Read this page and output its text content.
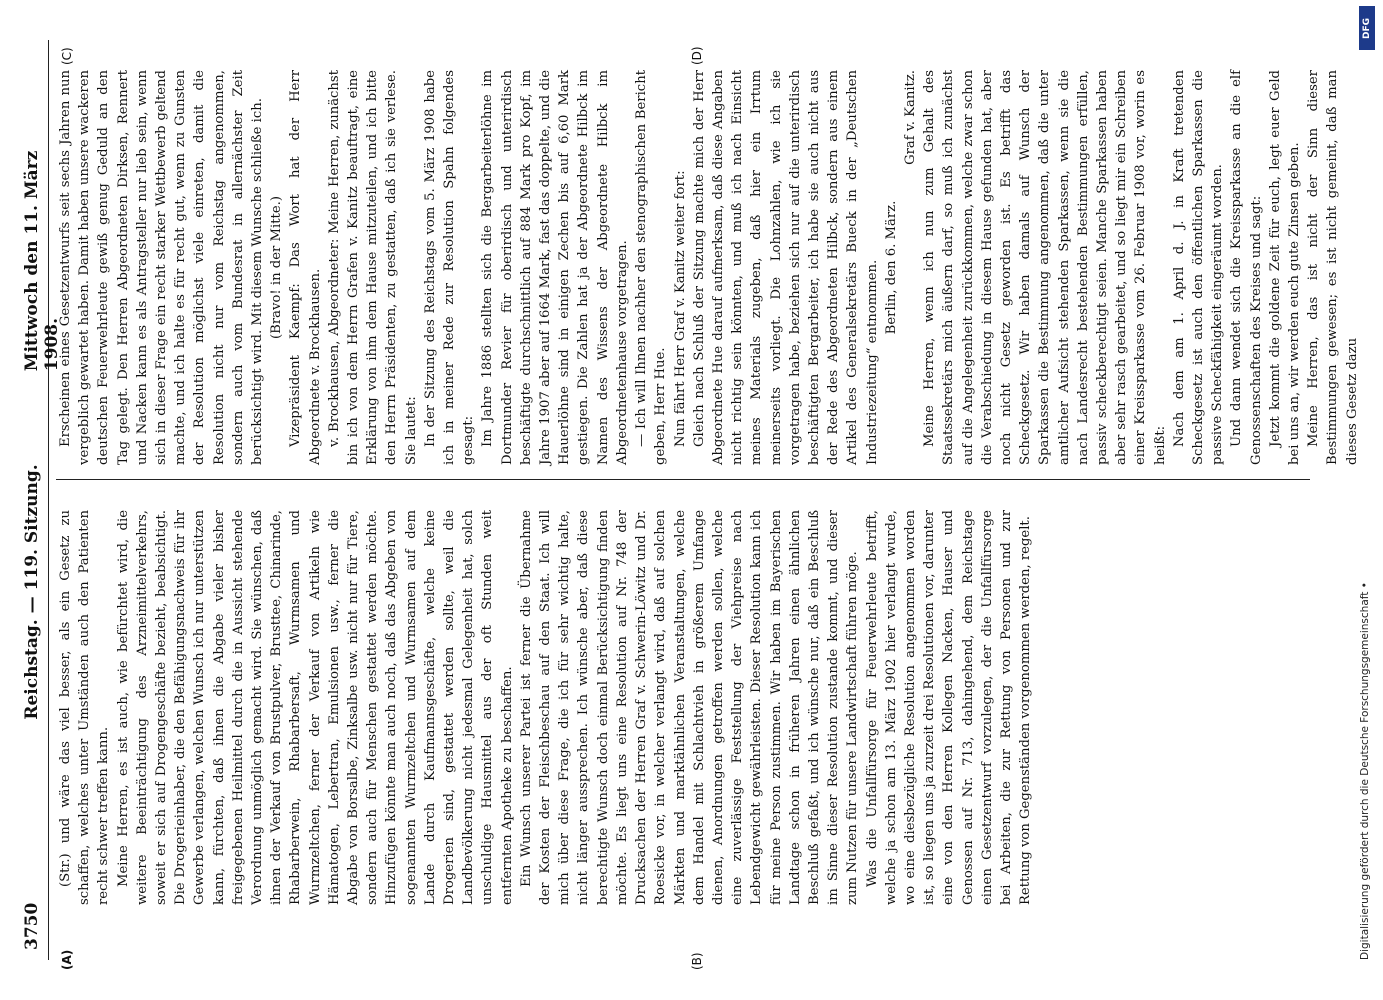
3750
Reichstag. — 119. Sitzung.
Mittwoch den 11. März 1908.
(A)	(B)
(C)	(D)

(Str.) und wäre das viel besser, als ein Gesetz zu schaffen, welches unter Umständen auch den Patienten recht schwer treffen kann. Meine Herren, es ist auch, wie befürchtet wird, die weitere Beeinträchtigung des Arzneimittelverkehrs, soweit er sich auf Drogengeschäfte bezieht, beabsichtigt. Die Drogerieinhaber, die den Befähigungsnachweis für ihr Gewerbe verlangen, welchen Wunsch ich nur unterstützen kann, fürchten, daß ihnen die Abgabe vieler bisher freigegebenen Heilmittel durch die in Aussicht stehende Verordnung unmöglich gemacht wird. Sie wünschen, daß ihnen der Verkauf von Brustpulver, Brusttee, Chinarinde, Rhabarberwein, Rhabarbersaft, Wurmsamen und Wurmzeltchen, ferner der Verkauf von Artikeln wie Hämatogen, Lebertran, Emulsionen usw., ferner die Abgabe von Borsalbe, Zinksalbe usw. nicht nur für Tiere, sondern auch für Menschen gestattet werden möchte. Hinzufügen könnte man auch noch, daß das Abgeben von sogenannten Wurmzeltchen und Wurmsamen auf dem Lande durch Kaufmannsgeschäfte, welche keine Drogerien sind, gestattet werden sollte, weil die Landbevölkerung nicht jedesmal Gelegenheit hat, solch unschuldige Hausmittel aus der oft Stunden weit entfernten Apotheke zu beschaffen. Ein Wunsch unserer Partei ist ferner die Übernahme der Kosten der Fleischbeschau auf den Staat. Ich will mich über diese Frage, die ich für sehr wichtig halte, nicht länger aussprechen. Ich wünsche aber, daß diese berechtigte Wunsch doch einmal Berücksichtigung finden möchte. Es liegt uns eine Resolution auf Nr. 748 der Drucksachen der Herren Graf v. Schwerin-Löwitz und Dr. Roesicke vor, in welcher verlangt wird, daß auf solchen Märkten und marktähnlichen Veranstaltungen, welche dem Handel mit Schlachtvieh in größerem Umfange dienen, Anordnungen getroffen werden sollen, welche eine zuverlässige Feststellung der Viehpreise nach Lebendgewicht gewährleisten. Dieser Resolution kann ich für meine Person zustimmen. Wir haben im Bayerischen Landtage schon in früheren Jahren einen ähnlichen Beschluß gefaßt, und ich wünsche nur, daß ein Beschluß im Sinne dieser Resolution zustande kommt, und dieser zum Nutzen für unsere Landwirtschaft führen möge. Was die Unfallfürsorge für Feuerwehrleute betrifft, welche ja schon am 13. März 1902 hier verlangt wurde, wo eine diesbezügliche Resolution angenommen worden ist, so liegen uns ja zurzeit drei Resolutionen vor, darunter eine von den Herren Kollegen Nacken, Hauser und Genossen auf Nr. 713, dahingehend, dem Reichstage einen Gesetzentwurf vorzulegen, der die Unfallfürsorge bei Arbeiten, die zur Rettung von Personen und zur Rettung von Gegenständen vorgenommen werden, regelt.

Erscheinen eines Gesetzentwurfs seit sechs Jahren nun vergeblich gewartet haben. Damit haben unsere wackeren deutschen Feuerwehrleute gewiß genug Geduld an den Tag gelegt. Den Herren Abgeordneten Dirksen, Rennert und Nacken kann es als Antragsteller nur lieb sein, wenn sich in dieser Frage ein recht starker Wettbewerb geltend machte, und ich halte es für recht gut, wenn zu Gunsten der Resolution möglichst viele einreten, damit die Resolution nicht nur vom Reichstag angenommen, sondern auch vom Bundesrat in allernächster Zeit berücksichtigt wird. Mit diesem Wunsche schließe ich. (Bravo! in der Mitte.) Vizepräsident Kaempf: Das Wort hat der Herr Abgeordnete v. Brockhausen. v. Brockhausen, Abgeordneter: Meine Herren, zunächst bin ich von dem Herrn Grafen v. Kanitz beauftragt, eine Erklärung von ihm dem Hause mitzuteilen, und ich bitte den Herrn Präsidenten, zu gestatten, daß ich sie verlese. Sie lautet: In der Sitzung des Reichstags vom 5. März 1908 habe ich in meiner Rede zur Resolution Spahn folgendes gesagt: Im Jahre 1886 stellten sich die Bergarbeiterlöhne im Dortmunder Revier für oberirdisch und unterirdisch beschäftigte durchschnittlich auf 884 Mark pro Kopf, im Jahre 1907 aber auf 1664 Mark, fast das doppelte, und die Hauerlöhne sind in einigen Zechen bis auf 6,60 Mark gestiegen. Die Zahlen hat ja der Abgeordnete Hilbck im Namen des Wissens der Abgeordnete Hilbck im Abgeordnetenhause vorgetragen. — Ich will Ihnen nachher den stenographischen Bericht geben, Herr Hue. Nun fährt Herr Graf v. Kanitz weiter fort: Gleich nach Schluß der Sitzung machte mich der Herr Abgeordnete Hue darauf aufmerksam, daß diese Angaben nicht richtig sein könnten, und muß ich nach Einsicht meines Materials zugeben, daß hier ein Irrtum meinerseits vorliegt. Die Lohnzahlen, wie ich sie vorgetragen habe, beziehen sich nur auf die unterirdisch beschäftigten Bergarbeiter, ich habe sie auch nicht aus der Rede des Abgeordneten Hilbck, sondern aus einem Artikel des Generalsekretärs Bueck in der „Deutschen Industriezeitung“ entnommen. Berlin, den 6. März.

Graf v. Kanitz. Meine Herren, wenn ich nun zum Gehalt des Staatssekretärs mich äußern darf, so muß ich zunächst auf die Angelegenheit zurückkommen, welche zwar schon die Verabschiedung in diesem Hause gefunden hat, aber noch nicht Gesetz geworden ist. Es betrifft das Scheckgesetz. Wir haben damals auf Wunsch der Sparkassen die Bestimmung angenommen, daß die unter amtlicher Aufsicht stehenden Sparkassen, wenn sie die nach Landesrecht bestehenden Bestimmungen erfüllen, passiv scheckberechtigt seien. Manche Sparkassen haben aber sehr rasch gearbeitet, und so liegt mir ein Schreiben einer Kreissparkasse vom 26. Februar 1908 vor, worin es heißt: Nach dem am 1. April d. J. in Kraft tretenden Scheckgesetz ist auch den öffentlichen Sparkassen die passive Scheckfähigkeit eingeräumt worden. Und dann wendet sich die Kreissparkasse an die elf Genossenschaften des Kreises und sagt: Jetzt kommt die goldene Zeit für euch, legt euer Geld bei uns an, wir werden euch gute Zinsen geben. Meine Herren, das ist nicht der Sinn dieser Bestimmungen gewesen; es ist nicht gemeint, daß man dieses Gesetz dazu

DFG
Digitalisierung gefördert durch die Deutsche Forschungsgemeinschaft •
